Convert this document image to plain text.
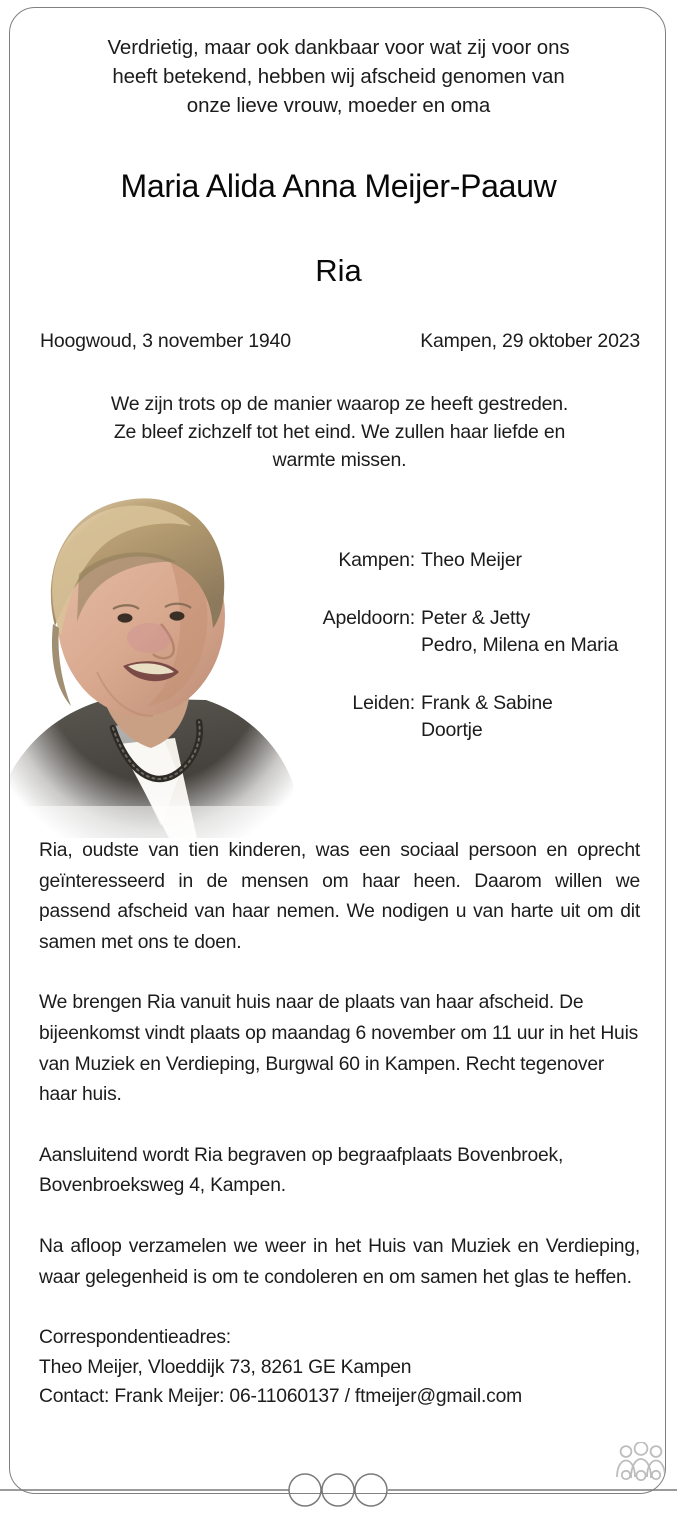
Verdrietig, maar ook dankbaar voor wat zij voor ons
heeft betekend, hebben wij afscheid genomen van
onze lieve vrouw, moeder en oma
Maria Alida Anna Meijer-Paauw
Ria
Hoogwoud, 3 november 1940	Kampen, 29 oktober 2023
We zijn trots op de manier waarop ze heeft gestreden.
Ze bleef zichzelf tot het eind. We zullen haar liefde en
warmte missen.
Kampen: Theo Meijer
Apeldoorn: Peter & Jetty
Pedro, Milena en Maria
Leiden: Frank & Sabine
Doortje

Ria, oudste van tien kinderen, was een sociaal persoon en oprecht geïnteresseerd in de mensen om haar heen. Daarom willen we passend afscheid van haar nemen. We nodigen u van harte uit om dit samen met ons te doen.

We brengen Ria vanuit huis naar de plaats van haar afscheid. De bijeenkomst vindt plaats op maandag 6 november om 11 uur in het Huis van Muziek en Verdieping, Burgwal 60 in Kampen. Recht tegenover haar huis.

Aansluitend wordt Ria begraven op begraafplaats Bovenbroek, Bovenbroeksweg 4, Kampen.

Na afloop verzamelen we weer in het Huis van Muziek en Verdieping, waar gelegenheid is om te condoleren en om samen het glas te heffen.

Correspondentieadres:
Theo Meijer, Vloeddijk 73, 8261 GE Kampen
Contact: Frank Meijer: 06-11060137 / ftmeijer@gmail.com
